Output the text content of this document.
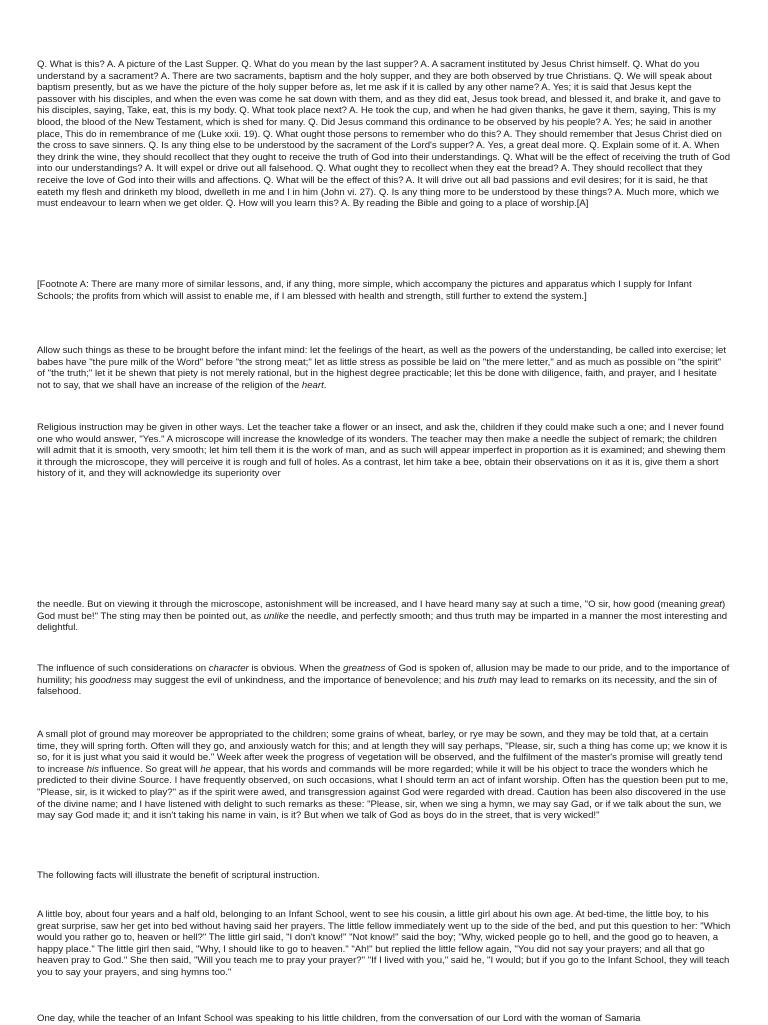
Q. What is this? A. A picture of the Last Supper. Q. What do you mean by the last supper? A. A sacrament instituted by Jesus Christ himself. Q. What do you understand by a sacrament? A. There are two sacraments, baptism and the holy supper, and they are both observed by true Christians. Q. We will speak about baptism presently, but as we have the picture of the holy supper before as, let me ask if it is called by any other name? A. Yes; it is said that Jesus kept the passover with his disciples, and when the even was come he sat down with them, and as they did eat, Jesus took bread, and blessed it, and brake it, and gave to his disciples, saying, Take, eat, this is my body. Q. What took place next? A. He took the cup, and when he had given thanks, he gave it them, saying, This is my blood, the blood of the New Testament, which is shed for many. Q. Did Jesus command this ordinance to be observed by his people? A. Yes; he said in another place, This do in remembrance of me (Luke xxii. 19). Q. What ought those persons to remember who do this? A. They should remember that Jesus Christ died on the cross to save sinners. Q. Is any thing else to be understood by the sacrament of the Lord's supper? A. Yes, a great deal more. Q. Explain some of it. A. When they drink the wine, they should recollect that they ought to receive the truth of God into their understandings. Q. What will be the effect of receiving the truth of God into our understandings? A. It will expel or drive out all falsehood. Q. What ought they to recollect when they eat the bread? A. They should recollect that they receive the love of God into their wills and affections. Q. What will be the effect of this? A. It will drive out all bad passions and evil desires; for it is said, he that eateth my flesh and drinketh my blood, dwelleth in me and I in him (John vi. 27). Q. Is any thing more to be understood by these things? A. Much more, which we must endeavour to learn when we get older. Q. How will you learn this? A. By reading the Bible and going to a place of worship.[A]

[Footnote A: There are many more of similar lessons, and, if any thing, more simple, which accompany the pictures and apparatus which I supply for Infant Schools; the profits from which will assist to enable me, if I am blessed with health and strength, still further to extend the system.]

Allow such things as these to be brought before the infant mind: let the feelings of the heart, as well as the powers of the understanding, be called into exercise; let babes have "the pure milk of the Word" before "the strong meat;" let as little stress as possible be laid on "the mere letter," and as much as possible on "the spirit" of "the truth;" let it be shewn that piety is not merely rational, but in the highest degree practicable; let this be done with diligence, faith, and prayer, and I hesitate not to say, that we shall have an increase of the religion of the heart.

Religious instruction may be given in other ways. Let the teacher take a flower or an insect, and ask the, children if they could make such a one; and I never found one who would answer, "Yes." A microscope will increase the knowledge of its wonders. The teacher may then make a needle the subject of remark; the children will admit that it is smooth, very smooth; let him tell them it is the work of man, and as such will appear imperfect in proportion as it is examined; and shewing them it through the microscope, they will perceive it is rough and full of holes. As a contrast, let him take a bee, obtain their observations on it as it is, give them a short history of it, and they will acknowledge its superiority over

the needle. But on viewing it through the microscope, astonishment will be increased, and I have heard many say at such a time, "O sir, how good (meaning great) God must be!" The sting may then be pointed out, as unlike the needle, and perfectly smooth; and thus truth may be imparted in a manner the most interesting and delightful.

The influence of such considerations on character is obvious. When the greatness of God is spoken of, allusion may be made to our pride, and to the importance of humility; his goodness may suggest the evil of unkindness, and the importance of benevolence; and his truth may lead to remarks on its necessity, and the sin of falsehood.

A small plot of ground may moreover be appropriated to the children; some grains of wheat, barley, or rye may be sown, and they may be told that, at a certain time, they will spring forth. Often will they go, and anxiously watch for this; and at length they will say perhaps, "Please, sir, such a thing has come up; we know it is so, for it is just what you said it would be." Week after week the progress of vegetation will be observed, and the fulfilment of the master's promise will greatly tend to increase his influence. So great will he appear, that his words and commands will be more regarded; while it will be his object to trace the wonders which he predicted to their divine Source. I have frequently observed, on such occasions, what I should term an act of infant worship. Often has the question been put to me, "Please, sir, is it wicked to play?" as if the spirit were awed, and transgression against God were regarded with dread. Caution has been also discovered in the use of the divine name; and I have listened with delight to such remarks as these: "Please, sir, when we sing a hymn, we may say Gad, or if we talk about the sun, we may say God made it; and it isn't taking his name in vain, is it? But when we talk of God as boys do in the street, that is very wicked!"

The following facts will illustrate the benefit of scriptural instruction.

A little boy, about four years and a half old, belonging to an Infant School, went to see his cousin, a little girl about his own age. At bed-time, the little boy, to his great surprise, saw her get into bed without having said her prayers. The little fellow immediately went up to the side of the bed, and put this question to her: "Which would you rather go to, heaven or hell?" The little girl said, "I don't know!" "Not know!" said the boy; "Why, wicked people go to hell, and the good go to heaven, a happy place." The little girl then said, "Why, I should like to go to heaven." "Ah!" but replied the little fellow again, "You did not say your prayers; and all that go heaven pray to God." She then said, "Will you teach me to pray your prayer?" "If I lived with you," said he, "I would; but if you go to the Infant School, they will teach you to say your prayers, and sing hymns too."

One day, while the teacher of an Infant School was speaking to his little children, from the conversation of our Lord with the woman of Samaria
